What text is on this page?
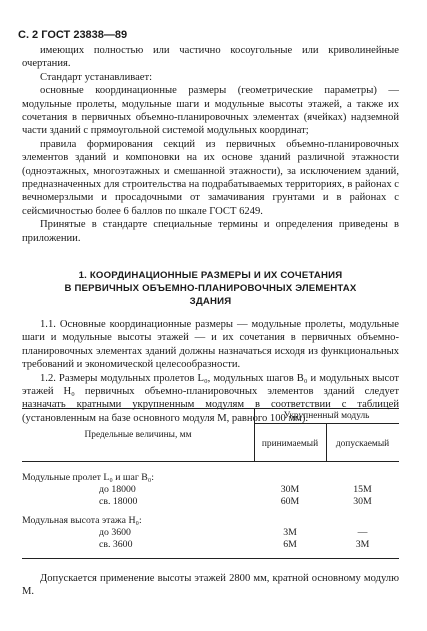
С. 2 ГОСТ 23838—89

имеющих полностью или частично косоугольные или криволинейные очертания.

Стандарт устанавливает:

основные координационные размеры (геометрические параметры) —модульные пролеты, модульные шаги и модульные высоты этажей, а также их сочетания в первичных объемно-планировочных элементах (ячейках) надземной части зданий с прямоугольной системой модульных координат;

правила формирования секций из первичных объемно-планировочных элементов зданий и компоновки на их основе зданий различной этажности (одноэтажных, многоэтажных и смешанной этажности), за исключением зданий, предназначенных для строительства на подрабатываемых территориях, в районах с вечномерзлыми и просадочными от замачивания грунтами и в районах с сейсмичностью более 6 баллов по шкале ГОСТ 6249.

Принятые в стандарте специальные термины и определения приведены в приложении.

1. КООРДИНАЦИОННЫЕ РАЗМЕРЫ И ИХ СОЧЕТАНИЯ
В ПЕРВИЧНЫХ ОБЪЕМНО-ПЛАНИРОВОЧНЫХ ЭЛЕМЕНТАХ
ЗДАНИЯ

1.1. Основные координационные размеры — модульные пролеты, модульные шаги и модульные высоты этажей — и их сочетания в первичных объемно-планировочных элементах зданий должны назначаться исходя из функциональных требований и экономической целесообразности.

1.2. Размеры модульных пролетов L₀, модульных шагов B₀ и модульных высот этажей H₀ первичных объемно-планировочных элементов зданий следует назначать кратными укрупненным модулям в соответствии с таблицей (установленным на базе основного модуля М, равного 100 мм).

Предельные величины, мм
Укрупненный модуль
принимаемый	допускаемый
Модульные пролет L₀ и шаг B₀:
до 18000	30М	15М
св. 18000	60М	30М
Модульная высота этажа H₀:
до 3600	3М	—
св. 3600	6М	3М

Допускается применение высоты этажей 2800 мм, кратной основному модулю М.
